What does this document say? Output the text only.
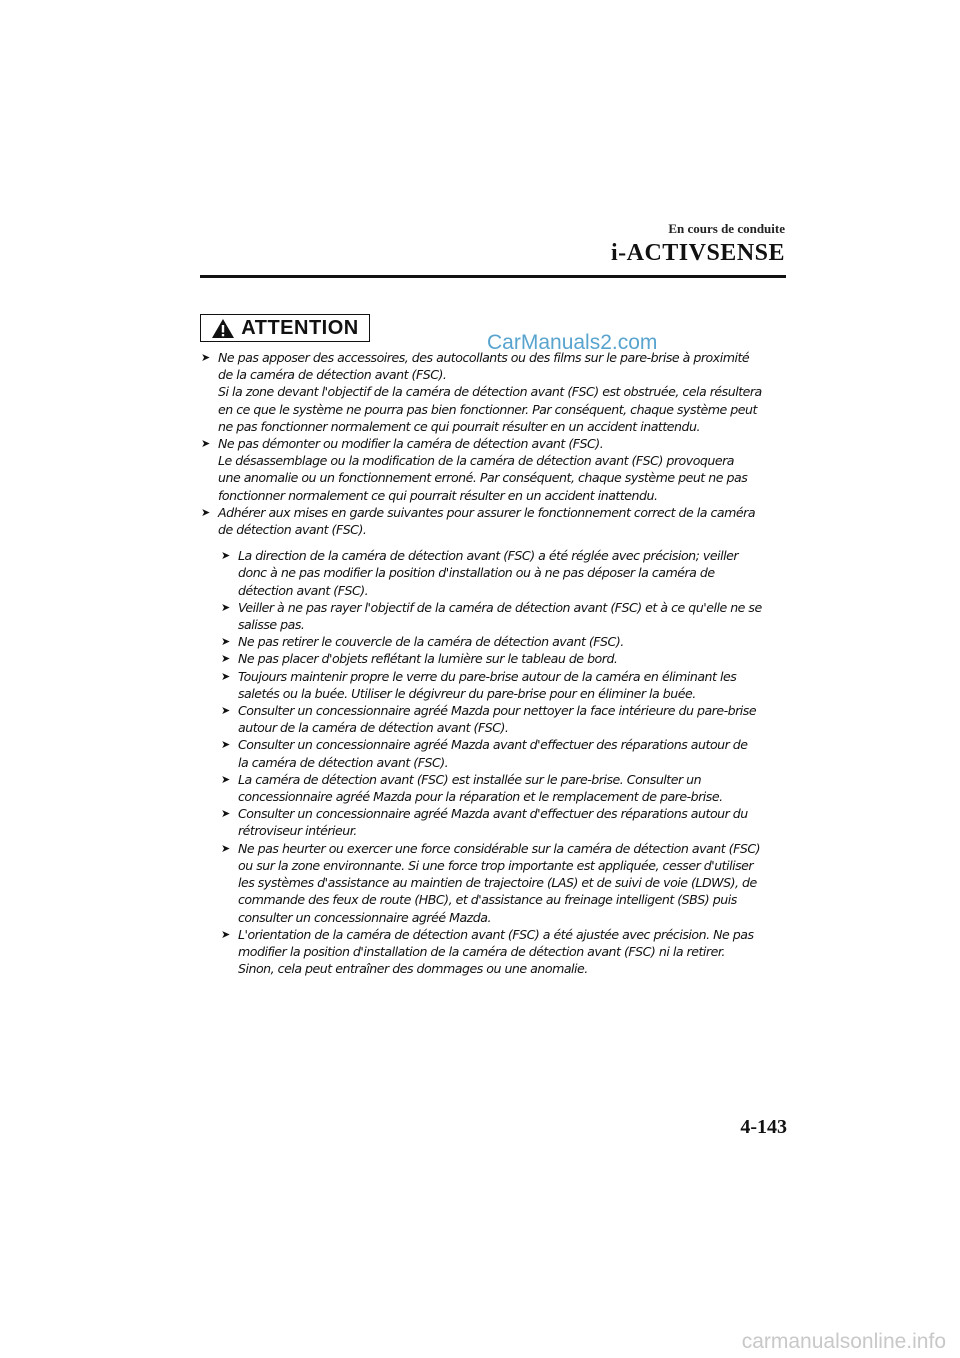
En cours de conduite
i-ACTIVSENSE
ATTENTION
CarManuals2.com
➤ Ne pas apposer des accessoires, des autocollants ou des films sur le pare-brise à proximité
de la caméra de détection avant (FSC).
Si la zone devant l'objectif de la caméra de détection avant (FSC) est obstruée, cela résultera
en ce que le système ne pourra pas bien fonctionner. Par conséquent, chaque système peut
ne pas fonctionner normalement ce qui pourrait résulter en un accident inattendu.

➤ Ne pas démonter ou modifier la caméra de détection avant (FSC).
Le désassemblage ou la modification de la caméra de détection avant (FSC) provoquera
une anomalie ou un fonctionnement erroné. Par conséquent, chaque système peut ne pas
fonctionner normalement ce qui pourrait résulter en un accident inattendu.

➤ Adhérer aux mises en garde suivantes pour assurer le fonctionnement correct de la caméra
de détection avant (FSC).

➤ La direction de la caméra de détection avant (FSC) a été réglée avec précision; veiller
donc à ne pas modifier la position d'installation ou à ne pas déposer la caméra de
détection avant (FSC).

➤ Veiller à ne pas rayer l'objectif de la caméra de détection avant (FSC) et à ce qu'elle ne se
salisse pas.

➤ Ne pas retirer le couvercle de la caméra de détection avant (FSC).

➤ Ne pas placer d'objets reflétant la lumière sur le tableau de bord.

➤ Toujours maintenir propre le verre du pare-brise autour de la caméra en éliminant les
saletés ou la buée. Utiliser le dégivreur du pare-brise pour en éliminer la buée.

➤ Consulter un concessionnaire agréé Mazda pour nettoyer la face intérieure du pare-brise
autour de la caméra de détection avant (FSC).

➤ Consulter un concessionnaire agréé Mazda avant d'effectuer des réparations autour de
la caméra de détection avant (FSC).

➤ La caméra de détection avant (FSC) est installée sur le pare-brise. Consulter un
concessionnaire agréé Mazda pour la réparation et le remplacement de pare-brise.

➤ Consulter un concessionnaire agréé Mazda avant d'effectuer des réparations autour du
rétroviseur intérieur.

➤ Ne pas heurter ou exercer une force considérable sur la caméra de détection avant (FSC)
ou sur la zone environnante. Si une force trop importante est appliquée, cesser d'utiliser
les systèmes d'assistance au maintien de trajectoire (LAS) et de suivi de voie (LDWS), de
commande des feux de route (HBC), et d'assistance au freinage intelligent (SBS) puis
consulter un concessionnaire agréé Mazda.

➤ L'orientation de la caméra de détection avant (FSC) a été ajustée avec précision. Ne pas
modifier la position d'installation de la caméra de détection avant (FSC) ni la retirer.
Sinon, cela peut entraîner des dommages ou une anomalie.

4-143
carmanualsonline.info
